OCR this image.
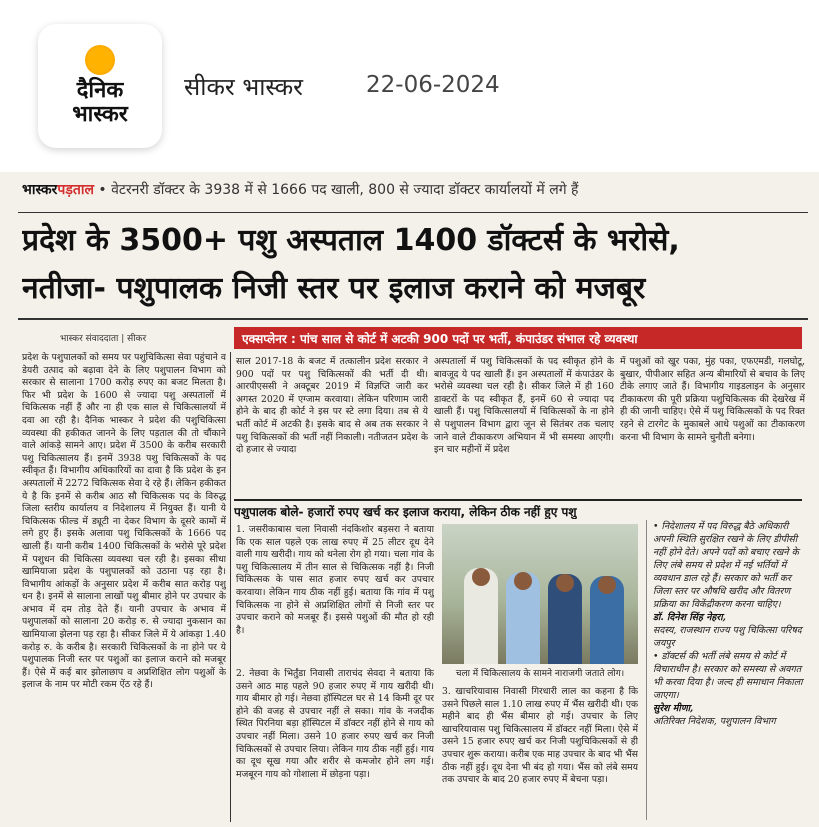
दैनिक
भास्कर
सीकर भास्कर	22-06-2024
भास्करपड़ताल • वेटरनरी डॉक्टर के 3938 में से 1666 पद खाली, 800 से ज्यादा डॉक्टर कार्यालयों में लगे हैं
प्रदेश के 3500+ पशु अस्पताल 1400 डॉक्टर्स के भरोसे,
नतीजा- पशुपालक निजी स्तर पर इलाज कराने को मजबूर
भास्कर संवाददाता | सीकर	एक्सप्लेनर : पांच साल से कोर्ट में अटकी 900 पदों पर भर्ती, कंपाउंडर संभाल रहे व्यवस्था
प्रदेश के पशुपालकों को समय पर पशुचिकित्सा सेवा पहुंचाने व डेयरी उत्पाद को बढ़ावा देने के लिए पशुपालन विभाग को सरकार से सालाना 1700 करोड़ रुपए का बजट मिलता है। फिर भी प्रदेश के 1600 से ज्यादा पशु अस्पतालों में चिकित्सक नहीं हैं और ना ही एक साल से चिकित्सालयों में दवा आ रही है। दैनिक भास्कर ने प्रदेश की पशुचिकित्सा व्यवस्था की हकीकत जानने के लिए पड़ताल की तो चौंकाने वाले आंकड़े सामने आए। प्रदेश में 3500 के करीब सरकारी पशु चिकित्सालय हैं। इनमें 3938 पशु चिकित्सकों के पद स्वीकृत हैं। विभागीय अधिकारियों का दावा है कि प्रदेश के इन अस्पतालों में 2272 चिकित्सक सेवा दे रहे हैं। लेकिन हकीकत ये है कि इनमें से करीब आठ सौ चिकित्सक पद के विरुद्ध जिला स्तरीय कार्यालय व निदेशालय में नियुक्त हैं। यानी ये चिकित्सक फील्ड में ड्यूटी ना देकर विभाग के दूसरे कामों में लगे हुए हैं। इसके अलावा पशु चिकित्सकों के 1666 पद खाली हैं। यानी करीब 1400 चिकित्सकों के भरोसे पूरे प्रदेश में पशुधन की चिकित्सा व्यवस्था चल रही है। इसका सीधा खामियाजा प्रदेश के पशुपालकों को उठाना पड़ रहा है। विभागीय आंकड़ों के अनुसार प्रदेश में करीब सात करोड़ पशु धन है। इनमें से सालाना लाखों पशु बीमार होने पर उपचार के अभाव में दम तोड़ देते हैं। यानी उपचार के अभाव में पशुपालकों को सालाना 20 करोड़ रु. से ज्यादा नुकसान का खामियाजा झेलना पड़ रहा है। सीकर जिले में ये आंकड़ा 1.40 करोड़ रु. के करीब है। सरकारी चिकित्सकों के ना होने पर ये पशुपालक निजी स्तर पर पशुओं का इलाज कराने को मजबूर हैं। ऐसे में कई बार झोलाछाप व अप्रशिक्षित लोग पशुओं के इलाज के नाम पर मोटी रकम ऐंठ रहे हैं।
साल 2017-18 के बजट में तत्कालीन प्रदेश सरकार ने 900 पदों पर पशु चिकित्सकों की भर्ती दी थी। आरपीएससी ने अक्टूबर 2019 में विज्ञप्ति जारी कर अगस्त 2020 में एग्जाम करवाया। लेकिन परिणाम जारी होने के बाद ही कोर्ट ने इस पर स्टे लगा दिया। तब से ये भर्ती कोर्ट में अटकी है। इसके बाद से अब तक सरकार ने पशु चिकित्सकों की भर्ती नहीं निकाली। नतीजतन प्रदेश के दो हजार से ज्यादा
अस्पतालों में पशु चिकित्सकों के पद स्वीकृत होने के बावजूद ये पद खाली हैं। इन अस्पतालों में कंपाउंडर के भरोसे व्यवस्था चल रही है। सीकर जिले में ही 160 डाक्टरों के पद स्वीकृत हैं, इनमें 60 से ज्यादा पद खाली हैं। पशु चिकित्सालयों में चिकित्सकों के ना होने से पशुपालन विभाग द्वारा जून से सितंबर तक चलाए जाने वाले टीकाकरण अभियान में भी समस्या आएगी। इन चार महीनों में प्रदेश
में पशुओं को खुर पका, मुंह पका, एफएमडी, गलघोटू, बुखार, पीपीआर सहित अन्य बीमारियों से बचाव के लिए टीके लगाए जाते हैं। विभागीय गाइडलाइन के अनुसार टीकाकरण की पूरी प्रक्रिया पशुचिकित्सक की देखरेख में ही की जानी चाहिए। ऐसे में पशु चिकित्सकों के पद रिक्त रहने से टारगेट के मुकाबले आधे पशुओं का टीकाकरण करना भी विभाग के सामने चुनौती बनेगा।
पशुपालक बोले- हजारों रुपए खर्च कर इलाज कराया, लेकिन ठीक नहीं हुए पशु
1. जसरीकाबास चला निवासी नंदकिशोर बड़सरा ने बताया कि एक साल पहले एक लाख रुपए में 25 लीटर दूध देने वाली गाय खरीदी। गाय को थनेला रोग हो गया। चला गांव के पशु चिकित्सालय में तीन साल से चिकित्सक नहीं है। निजी चिकित्सक के पास सात हजार रुपए खर्च कर उपचार करवाया। लेकिन गाय ठीक नहीं हुई। बताया कि गांव में पशु चिकित्सक ना होने से अप्रशिक्षित लोगों से निजी स्तर पर उपचार कराने को मजबूर हैं। इससे पशुओं की मौत हो रही है।
2. नेछवा के भिर्तुंडा निवासी ताराचंद सेवदा ने बताया कि उसने आठ माह पहले 90 हजार रुपए में गाय खरीदी थी। गाय बीमार हो गई। नेछवा हॉस्पिटल घर से 14 किमी दूर पर होने की वजह से उपचार नहीं ले सका। गांव के नजदीक स्थित पिरनिया बड़ा हॉस्पिटल में डॉक्टर नहीं होने से गाय को उपचार नहीं मिला। उसने 10 हजार रुपए खर्च कर निजी चिकित्सकों से उपचार लिया। लेकिन गाय ठीक नहीं हुई। गाय का दूध सूख गया और शरीर से कमजोर होने लग गई। मजबूरन गाय को गोशाला में छोड़ना पड़ा।
चला में चिकित्सालय के सामने नाराजगी जताते लोग।
3. खाचरियावास निवासी गिरधारी लाल का कहना है कि उसने पिछले साल 1.10 लाख रुपए में भैंस खरीदी थी। एक महीने बाद ही भैंस बीमार हो गई। उपचार के लिए खाचरियावास पशु चिकित्सालय में डॉक्टर नहीं मिला। ऐसे में उसने 15 हजार रुपए खर्च कर निजी पशुचिकित्सकों से ही उपचार शुरू कराया। करीब एक माह उपचार के बाद भी भैंस ठीक नहीं हुई। दूध देना भी बंद हो गया। भैंस को लंबे समय तक उपचार के बाद 20 हजार रुपए में बेचना पड़ा।
• निदेशालय में पद विरुद्ध बैठे अधिकारी अपनी स्थिति सुरक्षित रखने के लिए डीपीसी नहीं होने देते। अपने पदों को बचाए रखने के लिए लंबे समय से प्रदेश में नई भर्तियों में व्यवधान डाल रहे हैं। सरकार को भर्ती कर जिला स्तर पर औषधि खरीद और वितरण प्रक्रिया का विकेंद्रीकरण करना चाहिए।
डॉ. दिनेश सिंह नेहरा,
सदस्य, राजस्थान राज्य पशु चिकित्सा परिषद जयपुर
• डॉक्टर्स की भर्ती लंबे समय से कोर्ट में विचाराधीन है। सरकार को समस्या से अवगत भी करवा दिया है। जल्द ही समाधान निकाला जाएगा।
सुरेश मीणा,
अतिरिक्त निदेशक, पशुपालन विभाग
